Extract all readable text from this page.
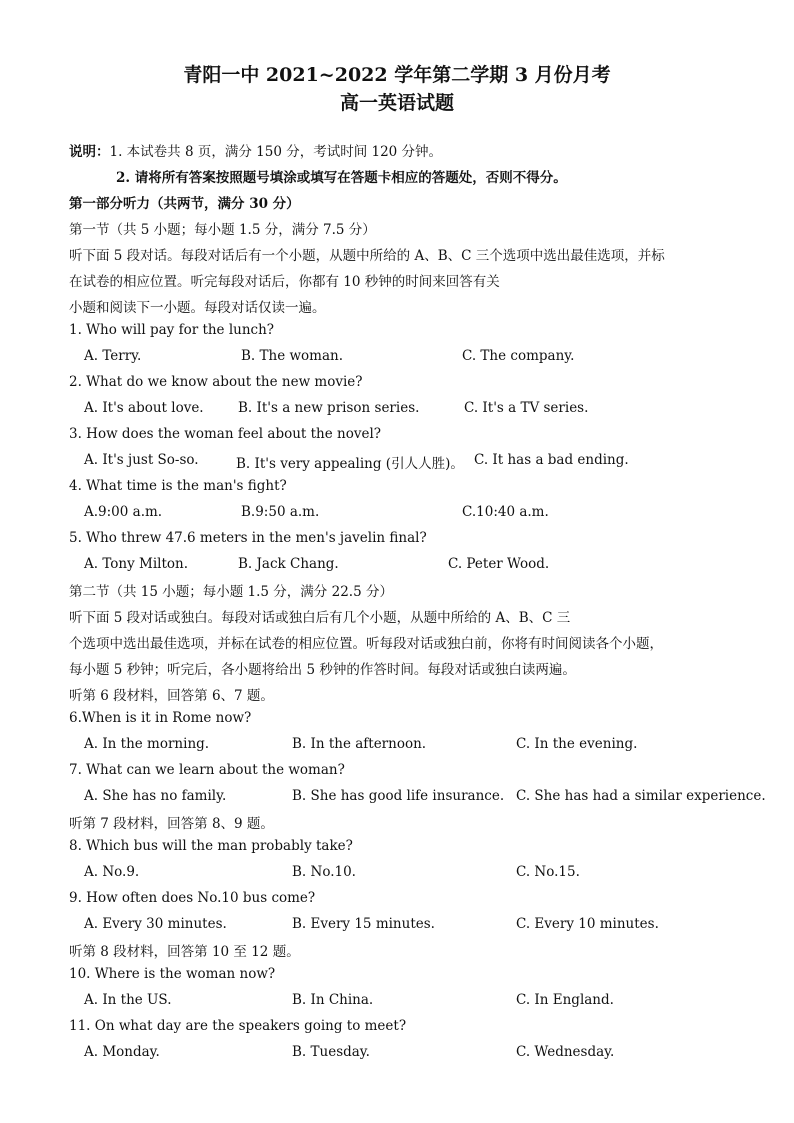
青阳一中 2021~2022 学年第二学期 3 月份月考
高一英语试题
说明：1. 本试卷共 8 页，满分 150 分，考试时间 120 分钟。
2. 请将所有答案按照题号填涂或填写在答题卡相应的答题处，否则不得分。
第一部分听力（共两节，满分 30 分）
第一节（共 5 小题；每小题 1.5 分，满分 7.5 分）
听下面 5 段对话。每段对话后有一个小题，从题中所给的 A、B、C 三个选项中选出最佳选项，并标
在试卷的相应位置。听完每段对话后，你都有 10 秒钟的时间来回答有关
小题和阅读下一小题。每段对话仅读一遍。
1. Who will pay for the lunch?
A. Terry.	B. The woman.	C. The company.
2. What do we know about the new movie?
A. It's about love.	B. It's a new prison series.	C. It's a TV series.
3. How does the woman feel about the novel?
A. It's just So-so.	B. It's very appealing (引人人胜)。 C. It has a bad ending.
4. What time is the man's fight?
A.9:00 a.m.	B.9:50 a.m.	C.10:40 a.m.
5. Who threw 47.6 meters in the men's javelin final?
A. Tony Milton.	B. Jack Chang.	C. Peter Wood.
第二节（共 15 小题；每小题 1.5 分，满分 22.5 分）
听下面 5 段对话或独白。每段对话或独白后有几个小题，从题中所给的 A、B、C 三
个选项中选出最佳选项，并标在试卷的相应位置。听每段对话或独白前，你将有时间阅读各个小题，
每小题 5 秒钟；听完后，各小题将给出 5 秒钟的作答时间。每段对话或独白读两遍。
听第 6 段材料，回答第 6、7 题。
6.When is it in Rome now?
A. In the morning.	B. In the afternoon.	C. In the evening.
7. What can we learn about the woman?
A. She has no family.	B. She has good life insurance. C. She has had a similar experience.
听第 7 段材料，回答第 8、9 题。
8. Which bus will the man probably take?
A. No.9.	B. No.10.	C. No.15.
9. How often does No.10 bus come?
A. Every 30 minutes.	B. Every 15 minutes.	C. Every 10 minutes.
听第 8 段材料，回答第 10 至 12 题。
10. Where is the woman now?
A. In the US.	B. In China.	C. In England.
11. On what day are the speakers going to meet?
A. Monday.	B. Tuesday.	C. Wednesday.
